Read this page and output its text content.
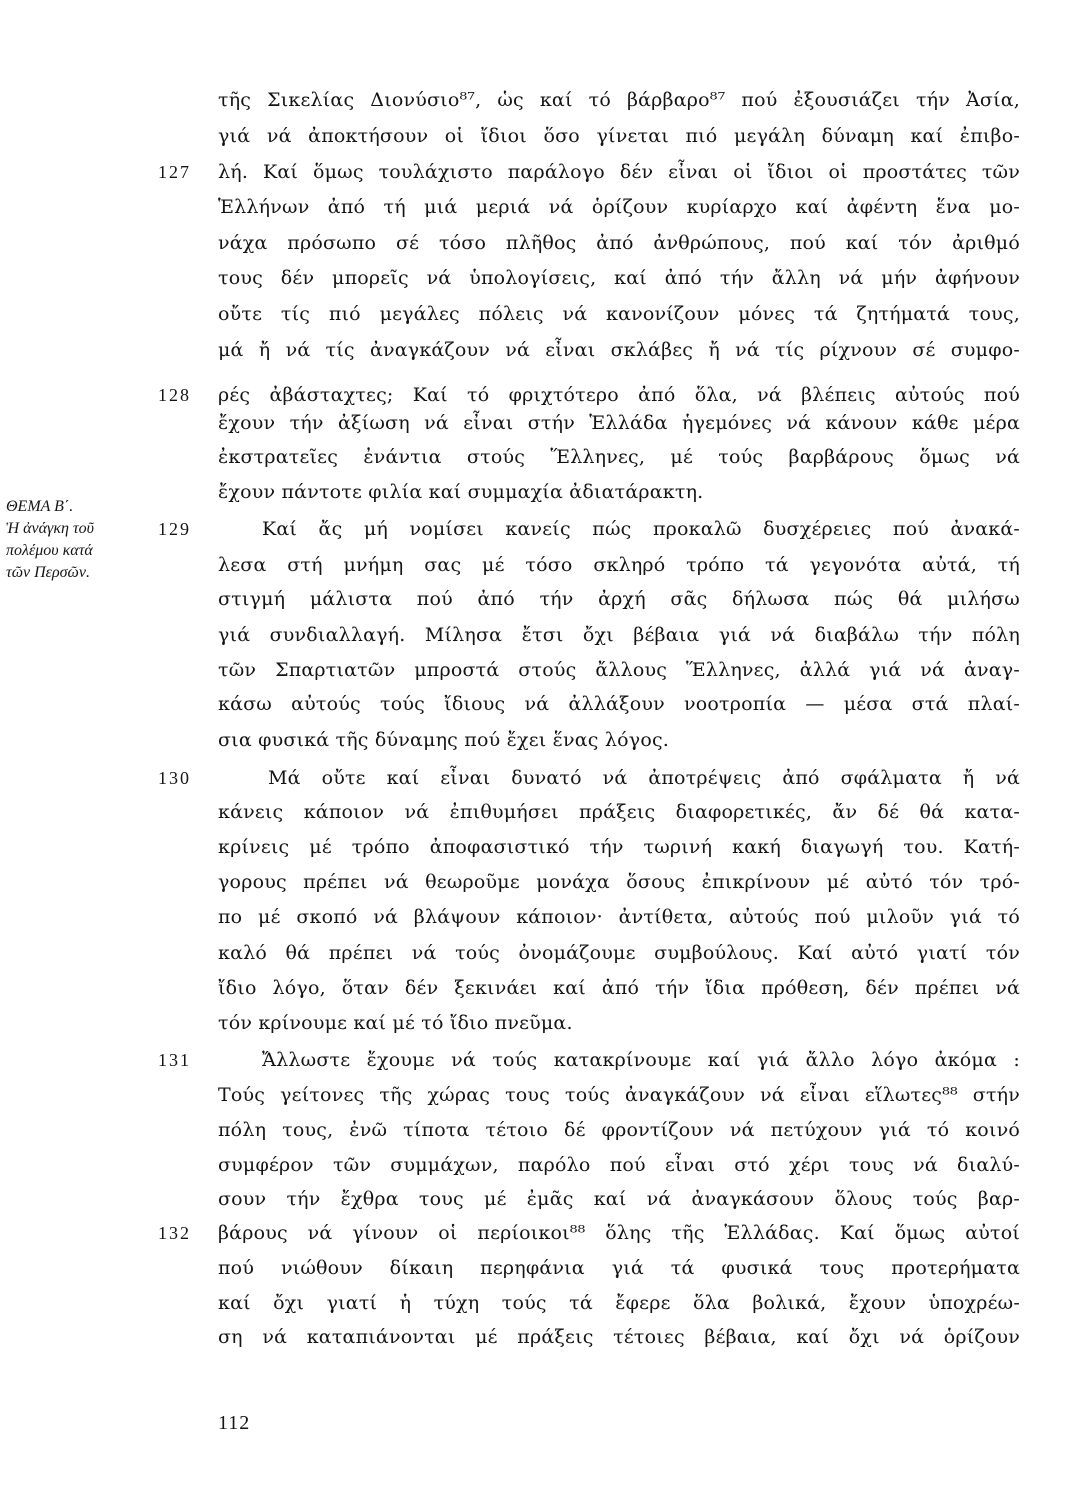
ΘΕΜΑ Β΄.
Ἡ ἀνάγκη τοῦ
πολέμου κατά
τῶν Περσῶν.
127
128
129
130
131
132
τῆς Σικελίας Διονύσιο⁸⁷, ὡς καί τό βάρβαρο⁸⁷ πού ἐξουσιάζει τήν Ἀσία,
γιά νά ἀποκτήσουν οἱ ἴδιοι ὅσο γίνεται πιό μεγάλη δύναμη καί ἐπιβο-
λή. Καί ὅμως τουλάχιστο παράλογο δέν εἶναι οἱ ἴδιοι οἱ προστάτες τῶν
Ἑλλήνων ἀπό τή μιά μεριά νά ὁρίζουν κυρίαρχο καί ἀφέντη ἕνα μο-
νάχα πρόσωπο σέ τόσο πλῆθος ἀπό ἀνθρώπους, πού καί τόν ἀριθμό
τους δέν μπορεῖς νά ὑπολογίσεις, καί ἀπό τήν ἄλλη νά μήν ἀφήνουν
οὔτε τίς πιό μεγάλες πόλεις νά κανονίζουν μόνες τά ζητήματά τους,
μά ἤ νά τίς ἀναγκάζουν νά εἶναι σκλάβες ἤ νά τίς ρίχνουν σέ συμφο-
ρές ἀβάσταχτες; Καί τό φριχτότερο ἀπό ὅλα, νά βλέπεις αὐτούς πού
ἔχουν τήν ἀξίωση νά εἶναι στήν Ἑλλάδα ἡγεμόνες νά κάνουν κάθε μέρα
ἐκστρατεῖες ἐνάντια στούς Ἕλληνες, μέ τούς βαρβάρους ὅμως νά
ἔχουν πάντοτε φιλία καί συμμαχία ἀδιατάρακτη.
Καί ἄς μή νομίσει κανείς πώς προκαλῶ δυσχέρειες πού ἀνακά-
λεσα στή μνήμη σας μέ τόσο σκληρό τρόπο τά γεγονότα αὐτά, τή
στιγμή μάλιστα πού ἀπό τήν ἀρχή σᾶς δήλωσα πώς θά μιλήσω
γιά συνδιαλλαγή. Μίλησα ἔτσι ὄχι βέβαια γιά νά διαβάλω τήν πόλη
τῶν Σπαρτιατῶν μπροστά στούς ἄλλους Ἕλληνες, ἀλλά γιά νά ἀναγ-
κάσω αὐτούς τούς ἴδιους νά ἀλλάξουν νοοτροπία — μέσα στά πλαί-
σια φυσικά τῆς δύναμης πού ἔχει ἕνας λόγος.
Μά οὔτε καί εἶναι δυνατό νά ἀποτρέψεις ἀπό σφάλματα ἤ νά
κάνεις κάποιον νά ἐπιθυμήσει πράξεις διαφορετικές, ἄν δέ θά κατα-
κρίνεις μέ τρόπο ἀποφασιστικό τήν τωρινή κακή διαγωγή του. Κατή-
γορους πρέπει νά θεωροῦμε μονάχα ὅσους ἐπικρίνουν μέ αὐτό τόν τρό-
πο μέ σκοπό νά βλάψουν κάποιον· ἀντίθετα, αὐτούς πού μιλοῦν γιά τό
καλό θά πρέπει νά τούς ὀνομάζουμε συμβούλους. Καί αὐτό γιατί τόν
ἴδιο λόγο, ὅταν δέν ξεκινάει καί ἀπό τήν ἴδια πρόθεση, δέν πρέπει νά
τόν κρίνουμε καί μέ τό ἴδιο πνεῦμα.
Ἄλλωστε ἔχουμε νά τούς κατακρίνουμε καί γιά ἄλλο λόγο ἀκόμα :
Τούς γείτονες τῆς χώρας τους τούς ἀναγκάζουν νά εἶναι εἵλωτες⁸⁸ στήν
πόλη τους, ἐνῶ τίποτα τέτοιο δέ φροντίζουν νά πετύχουν γιά τό κοινό
συμφέρον τῶν συμμάχων, παρόλο πού εἶναι στό χέρι τους νά διαλύ-
σουν τήν ἔχθρα τους μέ ἐμᾶς καί νά ἀναγκάσουν ὅλους τούς βαρ-
βάρους νά γίνουν οἱ περίοικοι⁸⁸ ὅλης τῆς Ἑλλάδας. Καί ὅμως αὐτοί
πού νιώθουν δίκαιη περηφάνια γιά τά φυσικά τους προτερήματα
καί ὄχι γιατί ἡ τύχη τούς τά ἔφερε ὅλα βολικά, ἔχουν ὑποχρέω-
ση νά καταπιάνονται μέ πράξεις τέτοιες βέβαια, καί ὄχι νά ὁρίζουν
112
